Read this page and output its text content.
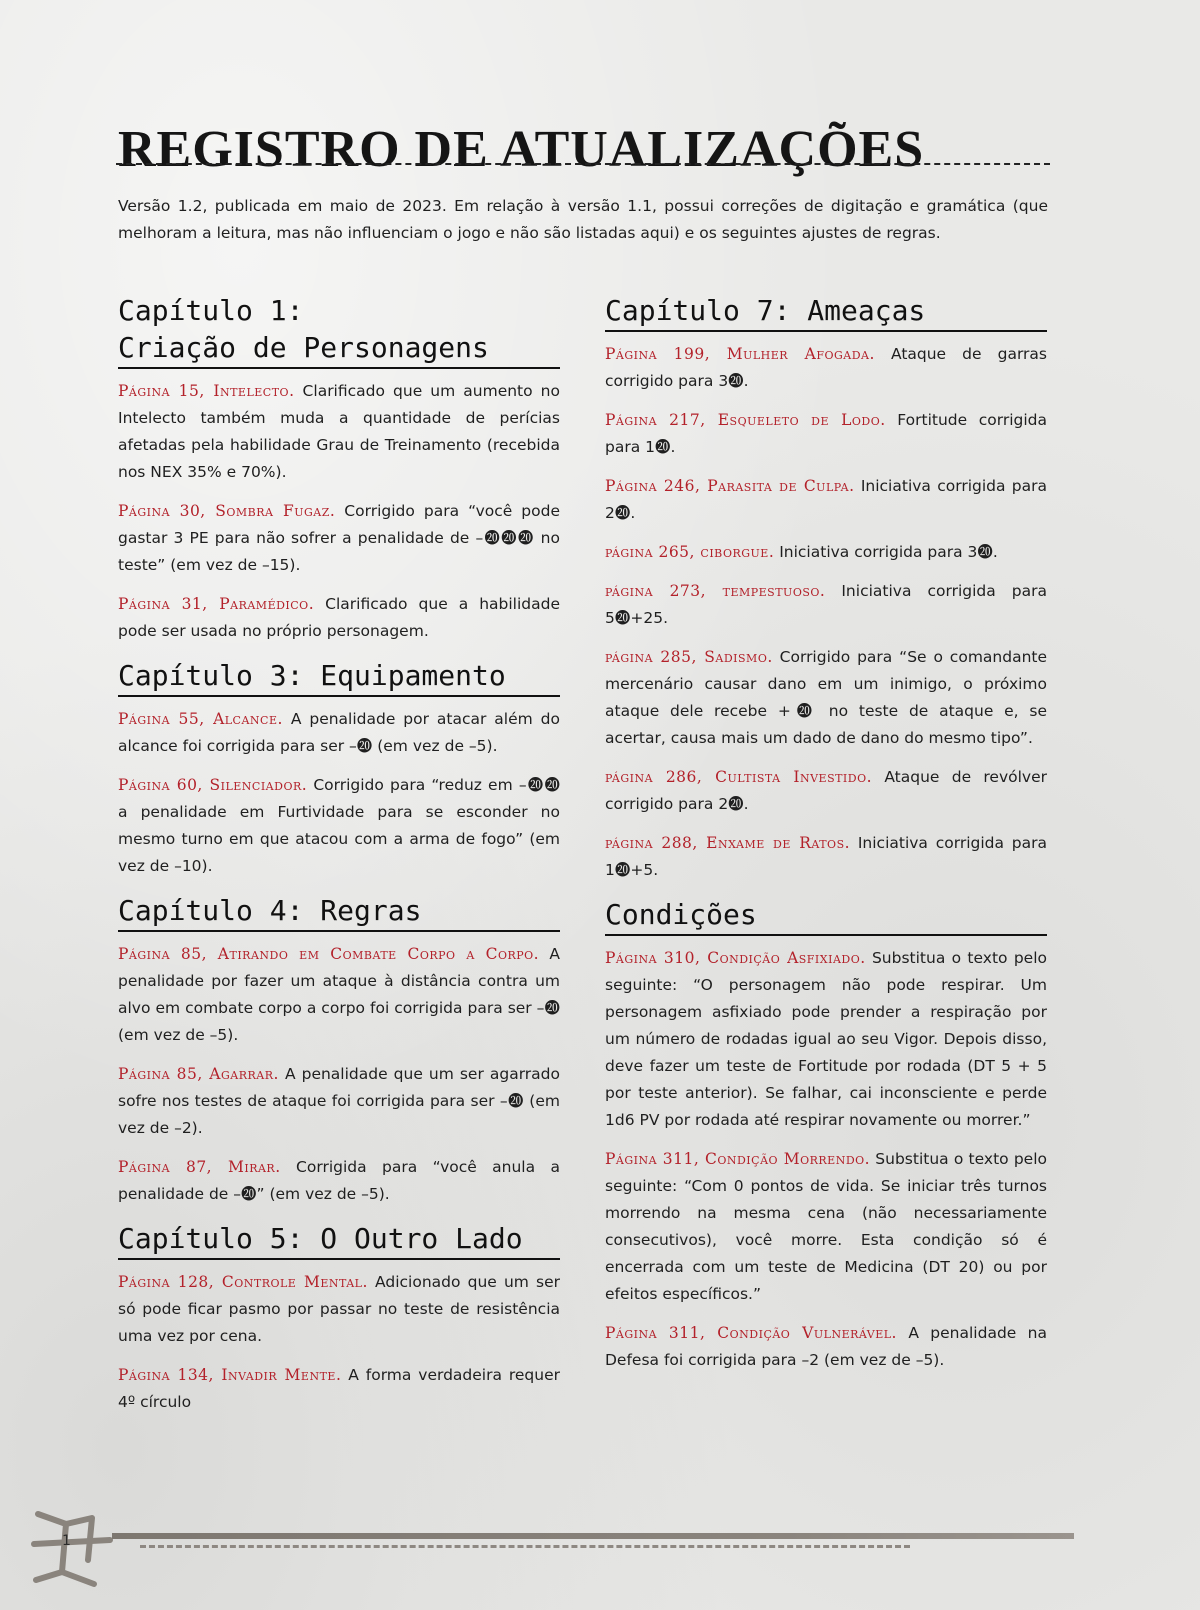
REGISTRO DE ATUALIZAÇÕES

Versão 1.2, publicada em maio de 2023. Em relação à versão 1.1, possui correções de digitação e gramática (que melhoram a leitura, mas não influenciam o jogo e não são listadas aqui) e os seguintes ajustes de regras.

Capítulo 1:
Criação de Personagens

Página 15, Intelecto. Clarificado que um aumento no Intelecto também muda a quantidade de perícias afetadas pela habilidade Grau de Treinamento (recebida nos NEX 35% e 70%).

Página 30, Sombra Fugaz. Corrigido para “você pode gastar 3 PE para não sofrer a penalidade de –⓴⓴⓴ no teste” (em vez de –15).

Página 31, Paramédico. Clarificado que a habilidade pode ser usada no próprio personagem.

Capítulo 3: Equipamento

Página 55, Alcance. A penalidade por atacar além do alcance foi corrigida para ser –⓴ (em vez de –5).

Página 60, Silenciador. Corrigido para “reduz em –⓴⓴ a penalidade em Furtividade para se esconder no mesmo turno em que atacou com a arma de fogo” (em vez de –10).

Capítulo 4: Regras

Página 85, Atirando em Combate Corpo a Corpo. A penalidade por fazer um ataque à distância contra um alvo em combate corpo a corpo foi corrigida para ser –⓴ (em vez de –5).

Página 85, Agarrar. A penalidade que um ser agarrado sofre nos testes de ataque foi corrigida para ser –⓴ (em vez de –2).

Página 87, Mirar. Corrigida para “você anula a penalidade de –⓴” (em vez de –5).

Capítulo 5: O Outro Lado

Página 128, Controle Mental. Adicionado que um ser só pode ficar pasmo por passar no teste de resistência uma vez por cena.

Página 134, Invadir Mente. A forma verdadeira requer 4º círculo

Capítulo 7: Ameaças

Página 199, Mulher Afogada. Ataque de garras corrigido para 3⓴.

Página 217, Esqueleto de Lodo. Fortitude corrigida para 1⓴.

Página 246, Parasita de Culpa. Iniciativa corrigida para 2⓴.

página 265, ciborgue. Iniciativa corrigida para 3⓴.

página 273, tempestuoso. Iniciativa corrigida para 5⓴+25.

página 285, Sadismo. Corrigido para “Se o comandante mercenário causar dano em um inimigo, o próximo ataque dele recebe +⓴ no teste de ataque e, se acertar, causa mais um dado de dano do mesmo tipo”.

página 286, Cultista Investido. Ataque de revólver corrigido para 2⓴.

página 288, Enxame de Ratos. Iniciativa corrigida para 1⓴+5.

Condições

Página 310, Condição Asfixiado. Substitua o texto pelo seguinte: “O personagem não pode respirar. Um personagem asfixiado pode prender a respiração por um número de rodadas igual ao seu Vigor. Depois disso, deve fazer um teste de Fortitude por rodada (DT 5 + 5 por teste anterior). Se falhar, cai inconsciente e perde 1d6 PV por rodada até respirar novamente ou morrer.”

Página 311, Condição Morrendo. Substitua o texto pelo seguinte: “Com 0 pontos de vida. Se iniciar três turnos morrendo na mesma cena (não necessariamente consecutivos), você morre. Esta condição só é encerrada com um teste de Medicina (DT 20) ou por efeitos específicos.”

Página 311, Condição Vulnerável. A penalidade na Defesa foi corrigida para –2 (em vez de –5).

1
